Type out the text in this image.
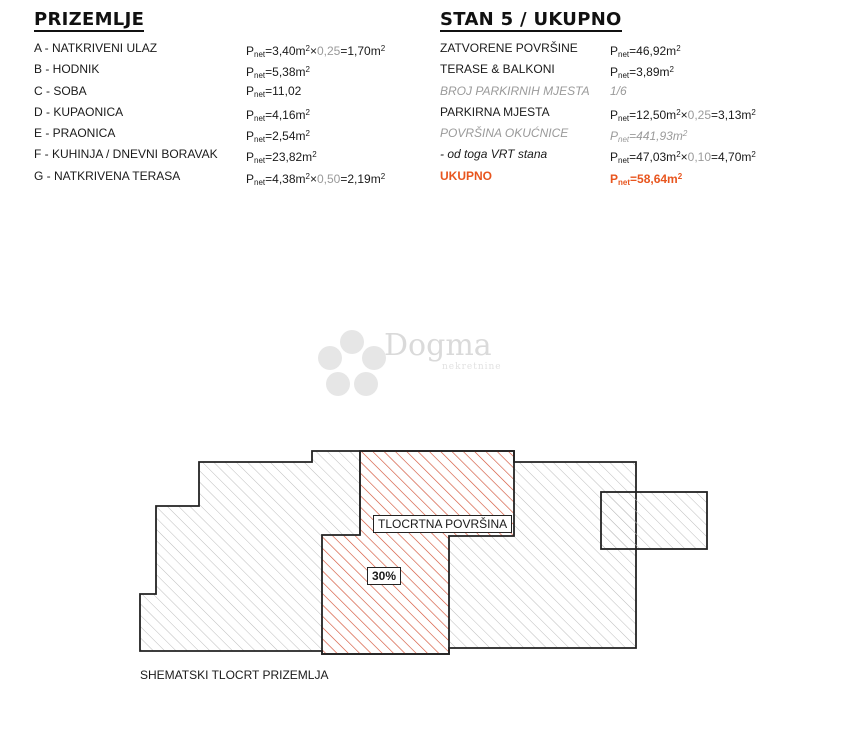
PRIZEMLJE
A - NATKRIVENI ULAZ	$P_{net}=3,40m^2\times 0,25=1,70m^2$
B - HODNIK	$P_{net}=5,38m^2$
C - SOBA	$P_{net}=11,02$
D - KUPAONICA	$P_{net}=4,16m^2$
E - PRAONICA	$P_{net}=2,54m^2$
F - KUHINJA / DNEVNI BORAVAK $P_{net}=23,82m^2$
G - NATKRIVENA TERASA	$P_{net}=4,38m^2\times 0,50=2,19m^2$
STAN 5 / UKUPNO
ZATVORENE POVRŠINE	$P_{net}=46,92m^2$
TERASE & BALKONI	$P_{net}=3,89m^2$
BROJ PARKIRNIH MJESTA 1/6
PARKIRNA MJESTA	$P_{net}=12,50m^2\times 0,25=3,13m^2$
POVRŠINA OKUĆNICE	$P_{net}=441,93m^2$
- od toga VRT stana	$P_{net}=47,03m^2\times 0,10=4,70m^2$
UKUPNO	$P_{net}=58,64m^2$
Dogma
nekretnine
TLOCRTNA POVRŠINA
30%
SHEMATSKI TLOCRT PRIZEMLJA
